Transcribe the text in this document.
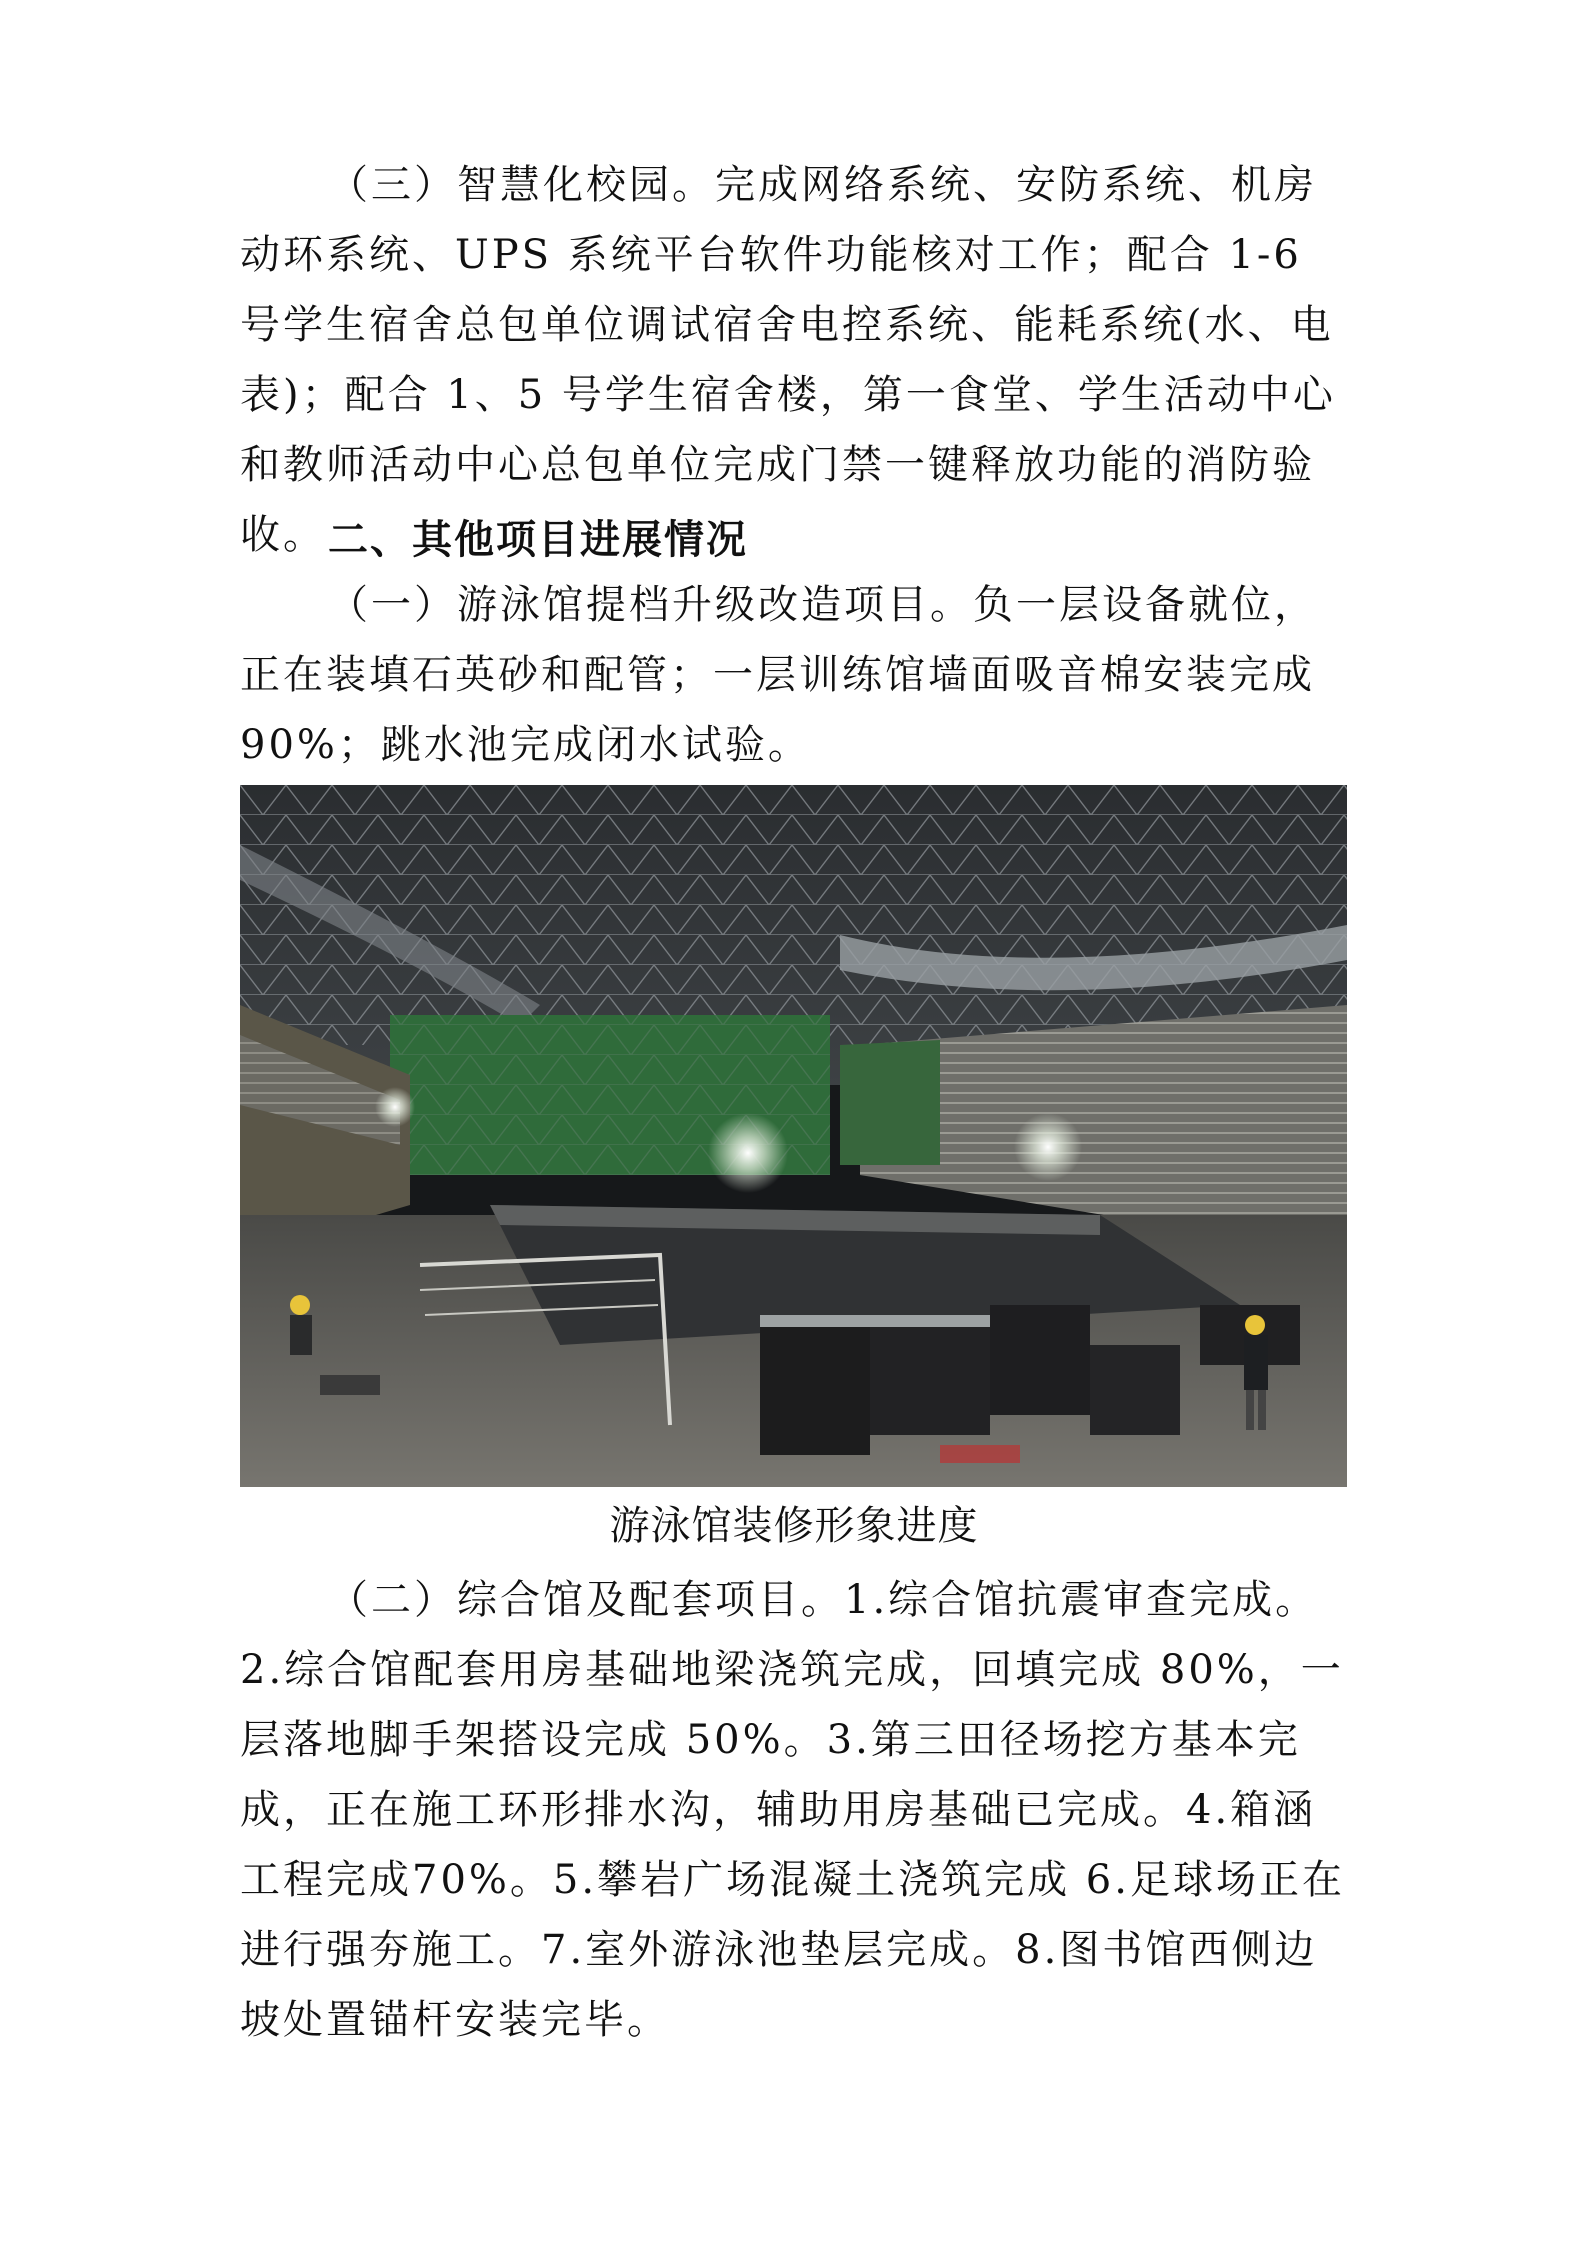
（三）智慧化校园。完成网络系统、安防系统、机房动环系统、UPS 系统平台软件功能核对工作；配合 1-6 号学生宿舍总包单位调试宿舍电控系统、能耗系统(水、电表)；配合 1、5 号学生宿舍楼，第一食堂、学生活动中心和教师活动中心总包单位完成门禁一键释放功能的消防验收。 二、其他项目进展情况

（一）游泳馆提档升级改造项目。负一层设备就位，正在装填石英砂和配管；一层训练馆墙面吸音棉安装完成90%；跳水池完成闭水试验。

游泳馆装修形象进度

（二）综合馆及配套项目。1.综合馆抗震审查完成。2.综合馆配套用房基础地梁浇筑完成，回填完成 80%，一层落地脚手架搭设完成 50%。3.第三田径场挖方基本完成，正在施工环形排水沟，辅助用房基础已完成。4.箱涵工程完成70%。5.攀岩广场混凝土浇筑完成 6.足球场正在进行强夯施工。7.室外游泳池垫层完成。8.图书馆西侧边坡处置锚杆安装完毕。
